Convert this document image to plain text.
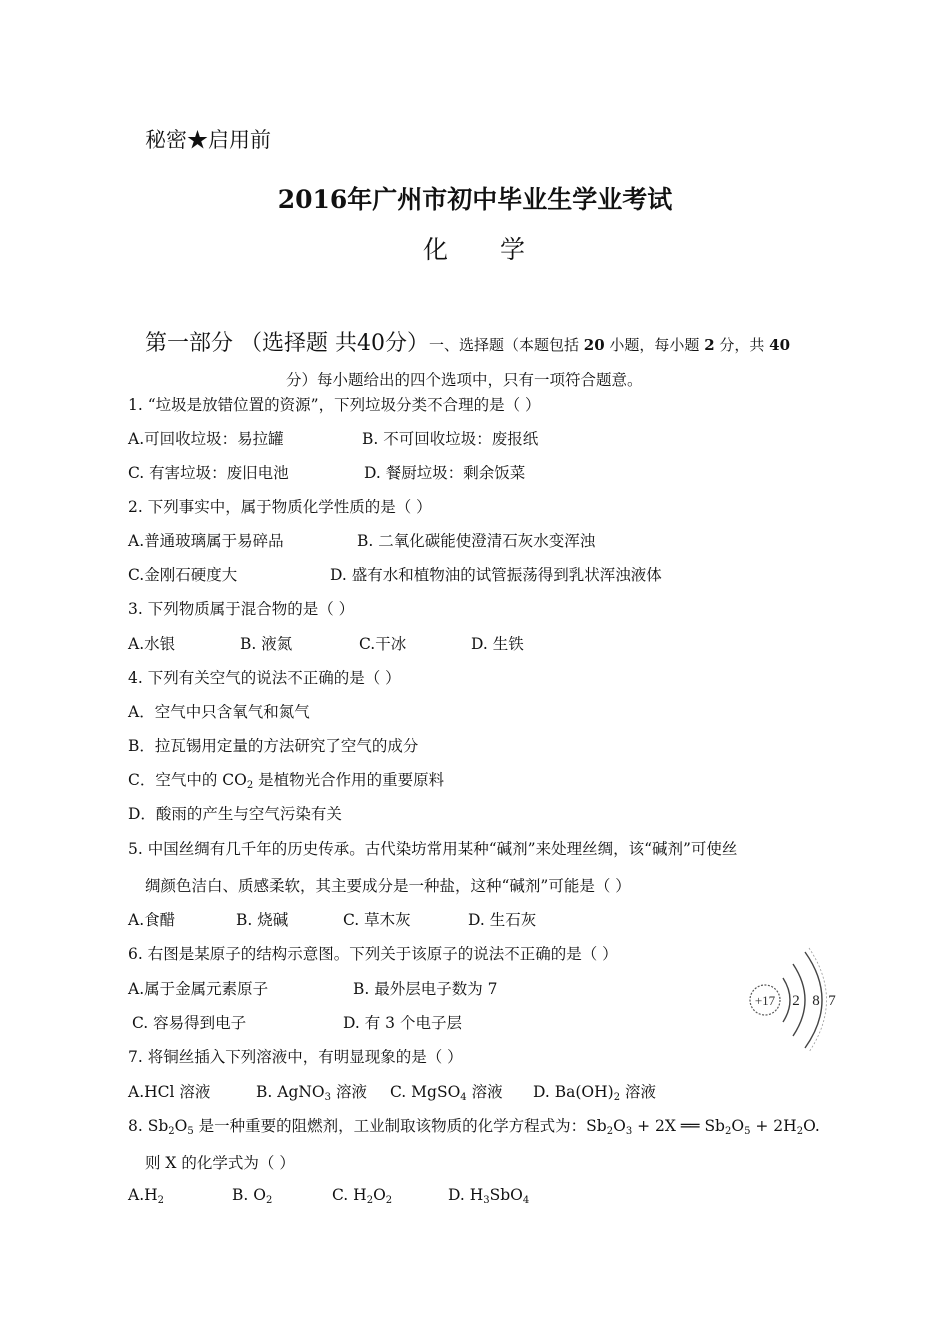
秘密★启用前
2016年广州市初中毕业生学业考试
化 学
第一部分 （选择题 共40分）一、选择题（本题包括 20 小题，每小题 2 分，共 40
分）每小题给出的四个选项中，只有一项符合题意。
1. “垃圾是放错位置的资源”，下列垃圾分类不合理的是（ ）
A.可回收垃圾：易拉罐	B. 不可回收垃圾：废报纸
C. 有害垃圾：废旧电池	D. 餐厨垃圾：剩余饭菜
2. 下列事实中，属于物质化学性质的是（ ）
A.普通玻璃属于易碎品	B. 二氧化碳能使澄清石灰水变浑浊
C.金刚石硬度大	D. 盛有水和植物油的试管振荡得到乳状浑浊液体
3. 下列物质属于混合物的是（ ）
A.水银	B. 液氮	C.干冰	D. 生铁
4. 下列有关空气的说法不正确的是（ ）
A．空气中只含氧气和氮气
B．拉瓦锡用定量的方法研究了空气的成分
C．空气中的 $CO_2$ 是植物光合作用的重要原料
D．酸雨的产生与空气污染有关
5. 中国丝绸有几千年的历史传承。古代染坊常用某种“碱剂”来处理丝绸，该“碱剂”可使丝
绸颜色洁白、质感柔软，其主要成分是一种盐，这种“碱剂”可能是（ ）
A.食醋	B. 烧碱	C. 草木灰	D. 生石灰
6. 右图是某原子的结构示意图。下列关于该原子的说法不正确的是（ ）
A.属于金属元素原子	B. 最外层电子数为 7
C. 容易得到电子	D. 有 3 个电子层
+17 2 8 7
7. 将铜丝插入下列溶液中，有明显现象的是（ ）
A.HCl 溶液	B. AgNO$_3$ 溶液 C. MgSO$_4$ 溶液 D. $Ba(OH)_2$ 溶液
8. $Sb_2O_5$ 是一种重要的阻燃剂，工业制取该物质的化学方程式为：$Sb_2O_3 + 2X$ ══ $Sb_2O_5 + 2H_2O$.
则 X 的化学式为（ ）
$A.H_2$	B. $O_2$	C. $H_2O_2$	D. $H_3SbO_4$
